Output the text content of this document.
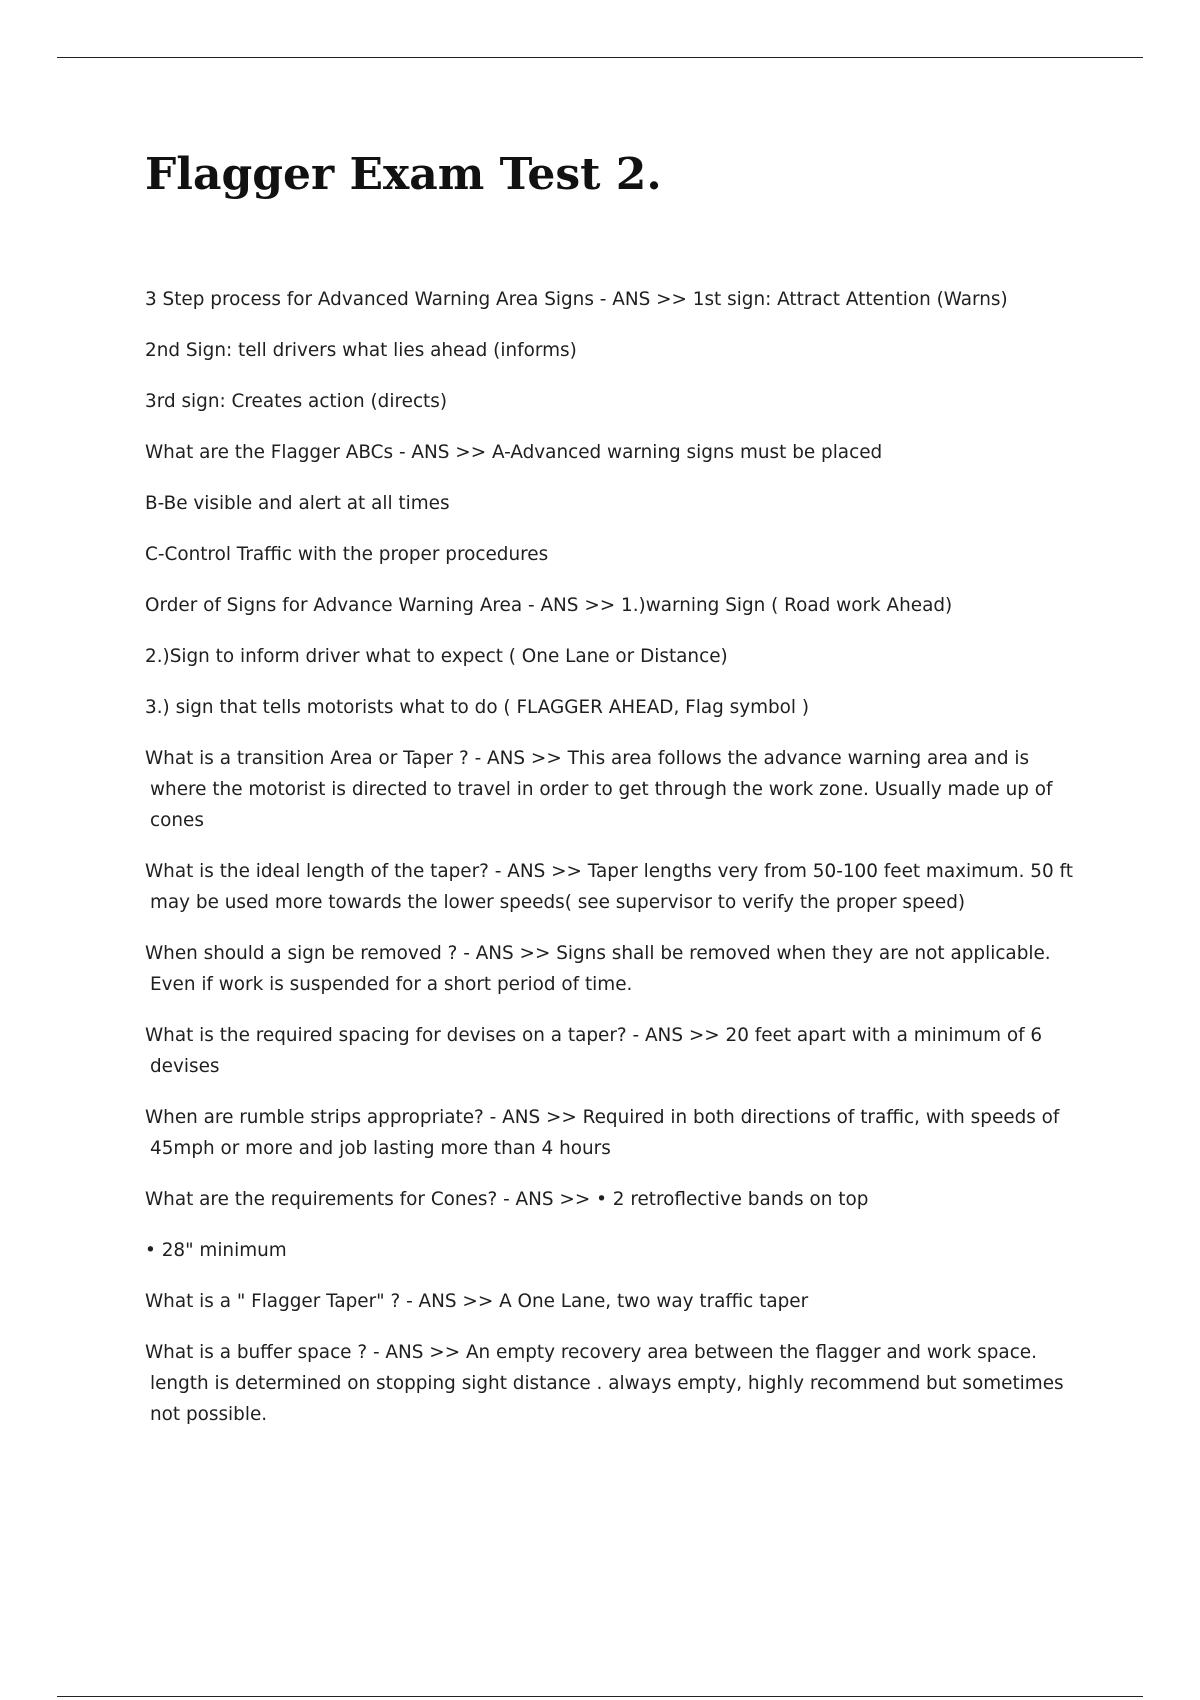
Flagger Exam Test 2.

3 Step process for Advanced Warning Area Signs - ANS >> 1st sign: Attract Attention (Warns)

2nd Sign: tell drivers what lies ahead (informs)

3rd sign: Creates action (directs)

What are the Flagger ABCs - ANS >> A-Advanced warning signs must be placed

B-Be visible and alert at all times

C-Control Traffic with the proper procedures

Order of Signs for Advance Warning Area - ANS >> 1.)warning Sign ( Road work Ahead)

2.)Sign to inform driver what to expect ( One Lane or Distance)

3.) sign that tells motorists what to do ( FLAGGER AHEAD, Flag symbol )

What is a transition Area or Taper ? - ANS >> This area follows the advance warning area and is where the motorist is directed to travel in order to get through the work zone. Usually made up of cones

What is the ideal length of the taper? - ANS >> Taper lengths very from 50-100 feet maximum. 50 ft may be used more towards the lower speeds( see supervisor to verify the proper speed)

When should a sign be removed ? - ANS >> Signs shall be removed when they are not applicable. Even if work is suspended for a short period of time.

What is the required spacing for devises on a taper? - ANS >> 20 feet apart with a minimum of 6 devises

When are rumble strips appropriate? - ANS >> Required in both directions of traffic, with speeds of 45mph or more and job lasting more than 4 hours

What are the requirements for Cones? - ANS >> • 2 retroflective bands on top

• 28" minimum

What is a " Flagger Taper" ? - ANS >> A One Lane, two way traffic taper

What is a buffer space ? - ANS >> An empty recovery area between the flagger and work space. length is determined on stopping sight distance . always empty, highly recommend but sometimes not possible.
